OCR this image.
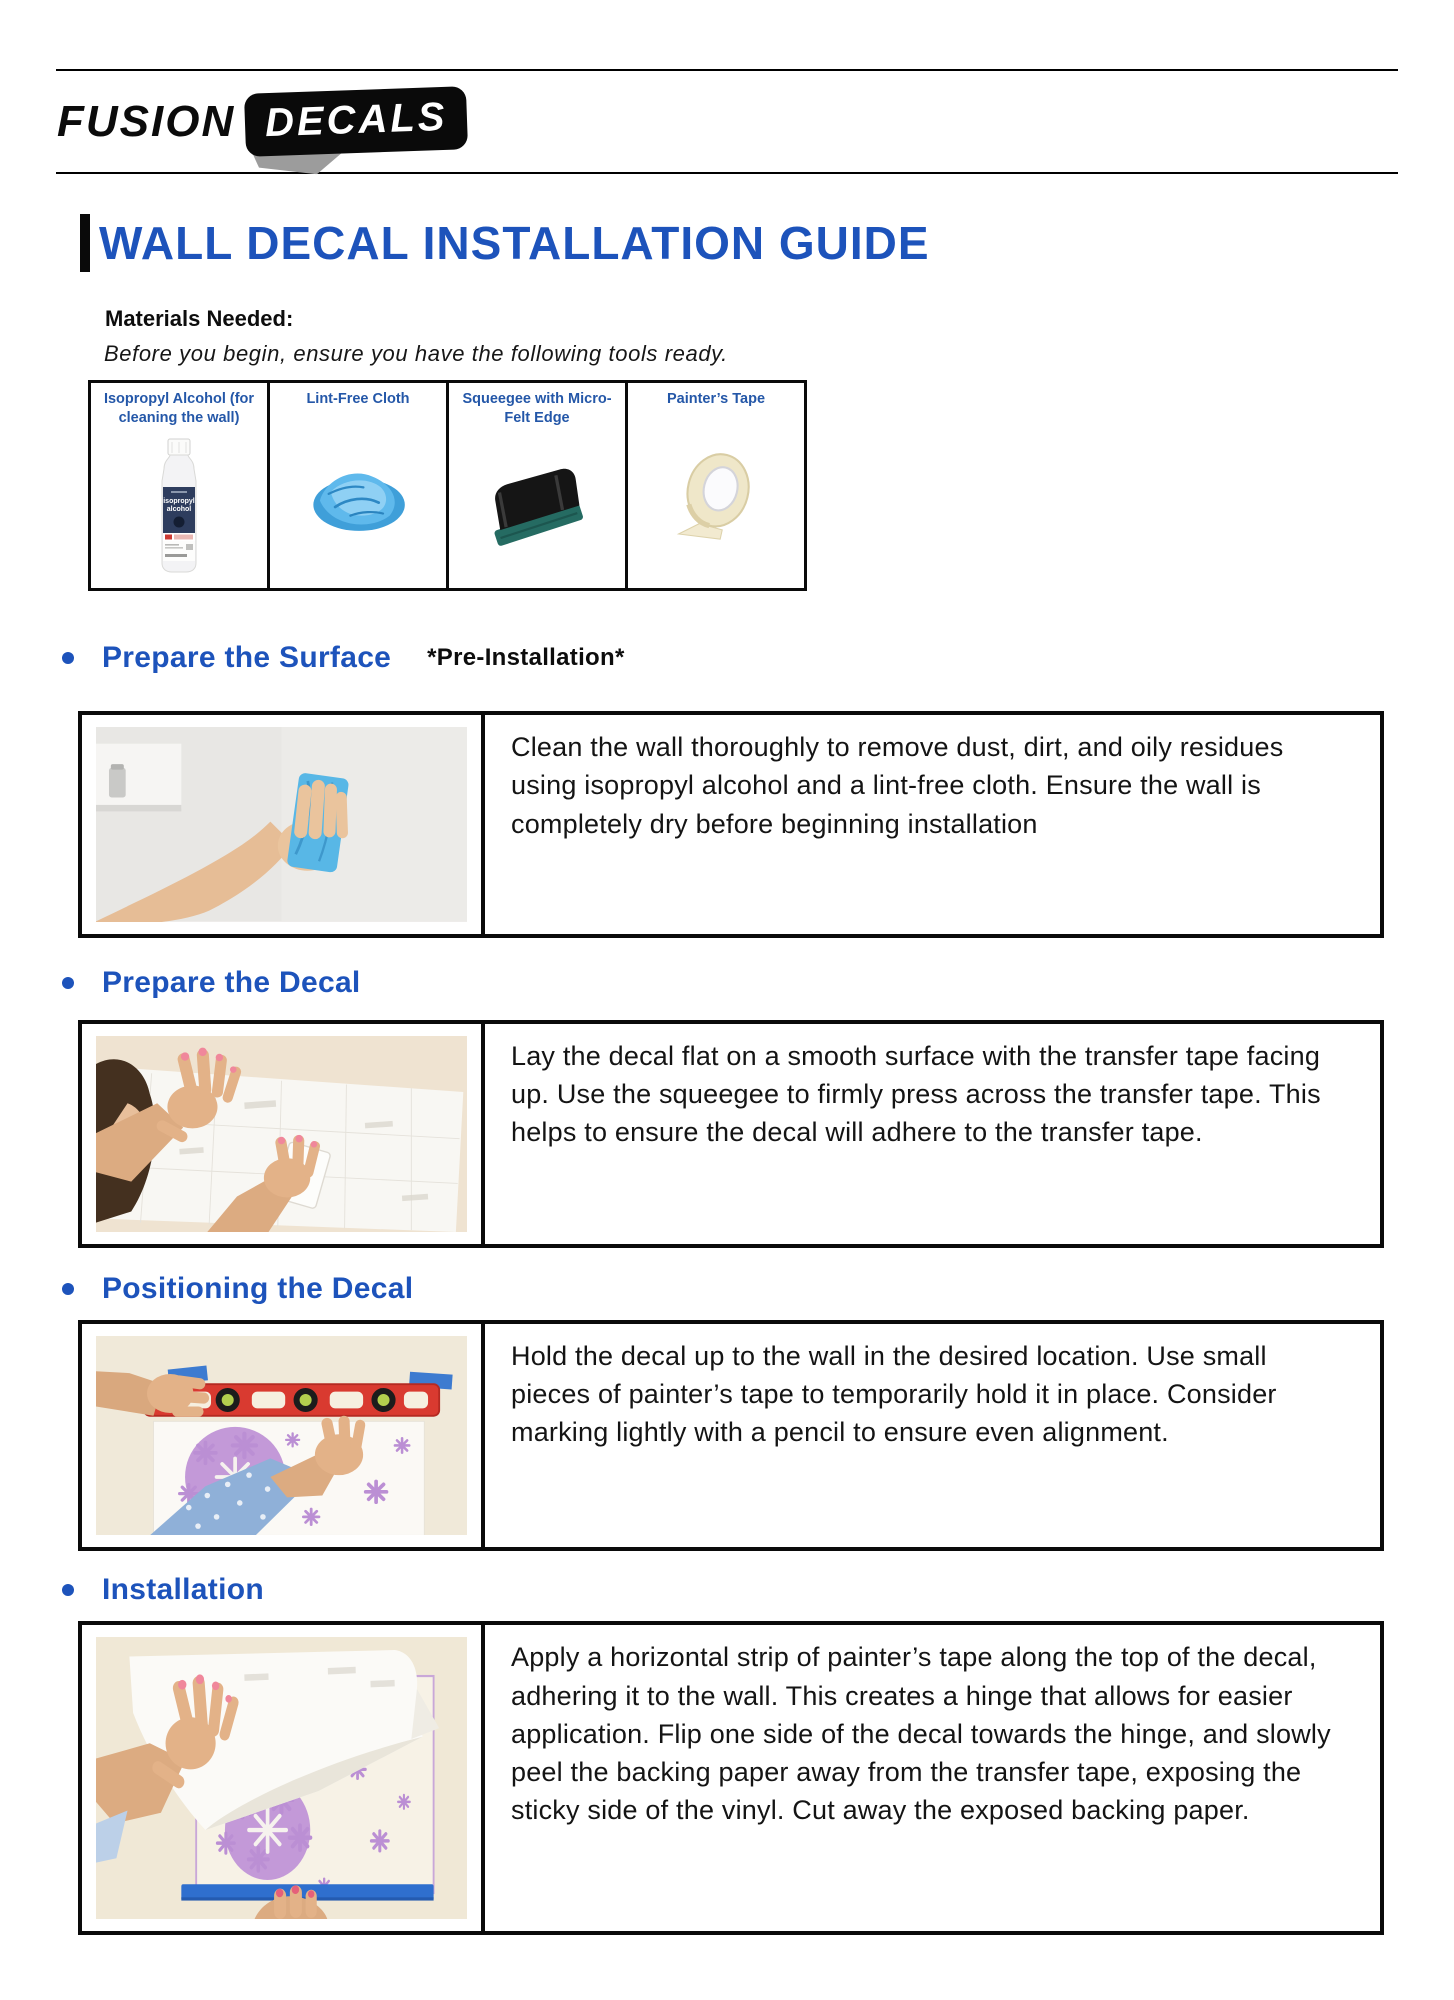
FUSION DECALS
WALL DECAL INSTALLATION GUIDE
Materials Needed:
Before you begin, ensure you have the following tools ready.
Isopropyl Alcohol (for cleaning the wall)
isopropyl
alcohol

Lint-Free Cloth	Squeegee with Micro-Felt Edge

Painter’s Tape
Prepare the Surface *Pre-Installation*

Clean the wall thoroughly to remove dust, dirt, and oily residues using isopropyl alcohol and a lint-free cloth. Ensure the wall is completely dry before beginning installation

Prepare the Decal

Lay the decal flat on a smooth surface with the transfer tape facing up. Use the squeegee to firmly press across the transfer tape. This helps to ensure the decal will adhere to the transfer tape.

Positioning the Decal

Hold the decal up to the wall in the desired location. Use small pieces of painter’s tape to temporarily hold it in place. Consider marking lightly with a pencil to ensure even alignment.

Installation

Apply a horizontal strip of painter’s tape along the top of the decal, adhering it to the wall. This creates a hinge that allows for easier application. Flip one side of the decal towards the hinge, and slowly peel the backing paper away from the transfer tape, exposing the sticky side of the vinyl. Cut away the exposed backing paper.
